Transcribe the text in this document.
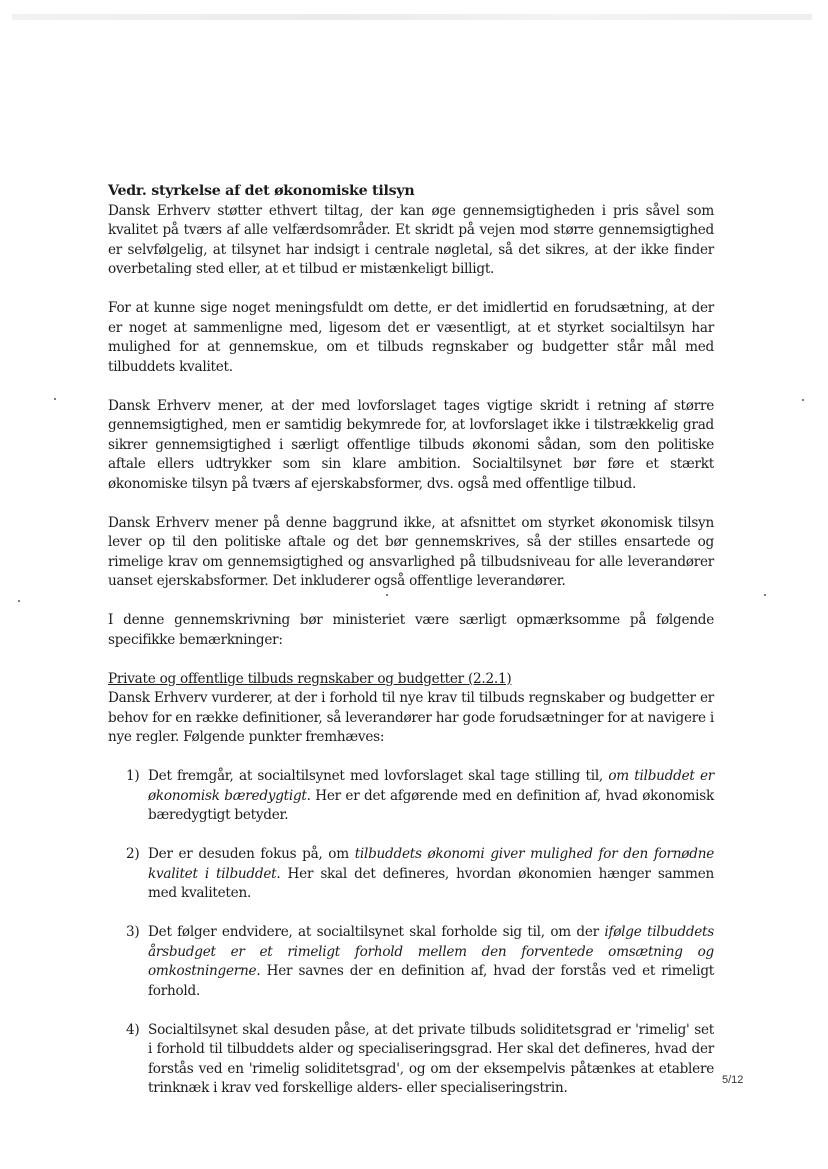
Vedr. styrkelse af det økonomiske tilsyn

Dansk Erhverv støtter ethvert tiltag, der kan øge gennemsigtigheden i pris såvel som kvalitet på tværs af alle velfærdsområder. Et skridt på vejen mod større gennemsigtighed er selvfølgelig, at tilsynet har indsigt i centrale nøgletal, så det sikres, at der ikke finder overbetaling sted eller, at et tilbud er mistænkeligt billigt.

For at kunne sige noget meningsfuldt om dette, er det imidlertid en forudsætning, at der er noget at sammenligne med, ligesom det er væsentligt, at et styrket socialtilsyn har mulighed for at gennemskue, om et tilbuds regnskaber og budgetter står mål med tilbuddets kvalitet.

Dansk Erhverv mener, at der med lovforslaget tages vigtige skridt i retning af større gennemsigtighed, men er samtidig bekymrede for, at lovforslaget ikke i tilstrækkelig grad sikrer gennemsigtighed i særligt offentlige tilbuds økonomi sådan, som den politiske aftale ellers udtrykker som sin klare ambition. Socialtilsynet bør føre et stærkt økonomiske tilsyn på tværs af ejerskabsformer, dvs. også med offentlige tilbud.

Dansk Erhverv mener på denne baggrund ikke, at afsnittet om styrket økonomisk tilsyn lever op til den politiske aftale og det bør gennemskrives, så der stilles ensartede og rimelige krav om gennemsigtighed og ansvarlighed på tilbudsniveau for alle leverandører uanset ejerskabsformer. Det inkluderer også offentlige leverandører.

I denne gennemskrivning bør ministeriet være særligt opmærksomme på følgende specifikke bemærkninger:

Private og offentlige tilbuds regnskaber og budgetter (2.2.1)

Dansk Erhverv vurderer, at der i forhold til nye krav til tilbuds regnskaber og budgetter er behov for en række definitioner, så leverandører har gode forudsætninger for at navigere i nye regler. Følgende punkter fremhæves:

1) Det fremgår, at socialtilsynet med lovforslaget skal tage stilling til, om tilbuddet er økonomisk bæredygtigt. Her er det afgørende med en definition af, hvad økonomisk bæredygtigt betyder.
2) Der er desuden fokus på, om tilbuddets økonomi giver mulighed for den fornødne kvalitet i tilbuddet. Her skal det defineres, hvordan økonomien hænger sammen med kvaliteten.
3) Det følger endvidere, at socialtilsynet skal forholde sig til, om der ifølge tilbuddets årsbudget er et rimeligt forhold mellem den forventede omsætning og omkostningerne. Her savnes der en definition af, hvad der forstås ved et rimeligt forhold.
4) Socialtilsynet skal desuden påse, at det private tilbuds soliditetsgrad er 'rimelig' set i forhold til tilbuddets alder og specialiseringsgrad. Her skal det defineres, hvad der forstås ved en 'rimelig soliditetsgrad', og om der eksempelvis påtænkes at etablere trinknæk i krav ved forskellige alders- eller specialiseringstrin.	5/12
